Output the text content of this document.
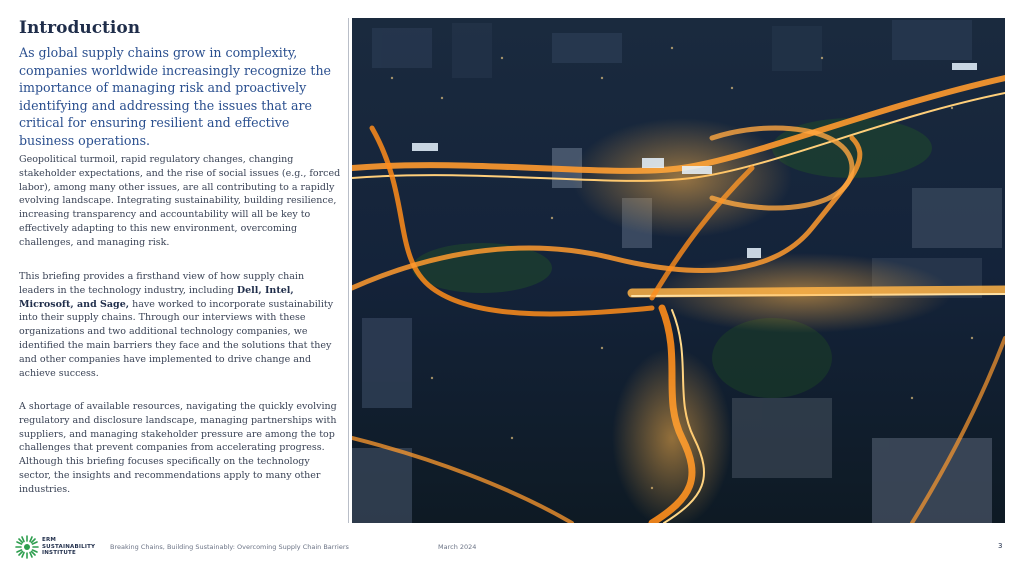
Introduction

As global supply chains grow in complexity, companies worldwide increasingly recognize the importance of managing risk and proactively identifying and addressing the issues that are critical for ensuring resilient and effective business operations.

Geopolitical turmoil, rapid regulatory changes, changing stakeholder expectations, and the rise of social issues (e.g., forced labor), among many other issues, are all contributing to a rapidly evolving landscape. Integrating sustainability, building resilience, increasing transparency and accountability will all be key to effectively adapting to this new environment, overcoming challenges, and managing risk.

This briefing provides a firsthand view of how supply chain leaders in the technology industry, including Dell, Intel, Microsoft, and Sage, have worked to incorporate sustainability into their supply chains. Through our interviews with these organizations and two additional technology companies, we identified the main barriers they face and the solutions that they and other companies have implemented to drive change and achieve success.

A shortage of available resources, navigating the quickly evolving regulatory and disclosure landscape, managing partnerships with suppliers, and managing stakeholder pressure are among the top challenges that prevent companies from accelerating progress. Although this briefing focuses specifically on the technology sector, the insights and recommendations apply to many other industries.

ERM
SUSTAINABILITY
INSTITUTE
Breaking Chains, Building Sustainably: Overcoming Supply Chain Barriers	March 2024	3
